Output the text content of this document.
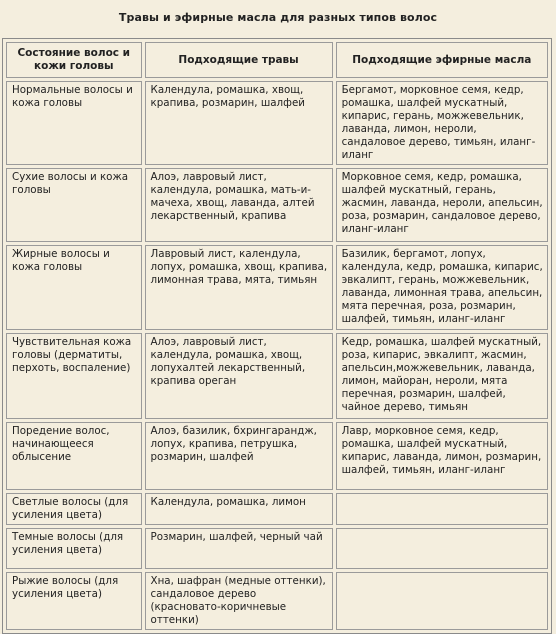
Травы и эфирные масла для разных типов волос
Состояние волос и кожи головы	Подходящие травы	Подходящие эфирные масла
Нормальные волосы и кожа головы	Календула, ромашка, хвощ, крапива, розмарин, шалфей	Бергамот, морковное семя, кедр, ромашка, шалфей мускатный, кипарис, герань, можжевельник, лаванда, лимон, нероли, сандаловое дерево, тимьян, иланг-иланг
Сухие волосы и кожа головы	Алоэ, лавровый лист, календула, ромашка, мать-и-мачеха, хвощ, лаванда, алтей лекарственный, крапива	Морковное семя, кедр, ромашка, шалфей мускатный, герань, жасмин, лаванда, нероли, апельсин, роза, розмарин, сандаловое дерево, иланг-иланг
Жирные волосы и кожа головы	Лавровый лист, календула, лопух, ромашка, хвощ, крапива, лимонная трава, мята, тимьян	Базилик, бергамот, лопух, календула, кедр, ромашка, кипарис, эвкалипт, герань, можжевельник, лаванда, лимонная трава, апельсин, мята перечная, роза, розмарин, шалфей, тимьян, иланг-иланг
Чувствительная кожа головы (дерматиты, перхоть, воспаление)	Алоэ, лавровый лист, календула, ромашка, хвощ, лопухалтей лекарственный, крапива ореган	Кедр, ромашка, шалфей мускатный, роза, кипарис, эвкалипт, жасмин, апельсин,можжевельник, лаванда, лимон, майоран, нероли, мята перечная, розмарин, шалфей, чайное дерево, тимьян
Поредение волос, начинающееся облысение	Алоэ, базилик, бхрингарандж, лопух, крапива, петрушка, розмарин, шалфей	Лавр, морковное семя, кедр, ромашка, шалфей мускатный, кипарис, лаванда, лимон, розмарин, шалфей, тимьян, иланг-иланг
Светлые волосы (для усиления цвета)	Календула, ромашка, лимон	
Темные волосы (для усиления цвета)	Розмарин, шалфей, черный чай	
Рыжие волосы (для усиления цвета)	Хна, шафран (медные оттенки), сандаловое дерево (красновато-коричневые оттенки)	
